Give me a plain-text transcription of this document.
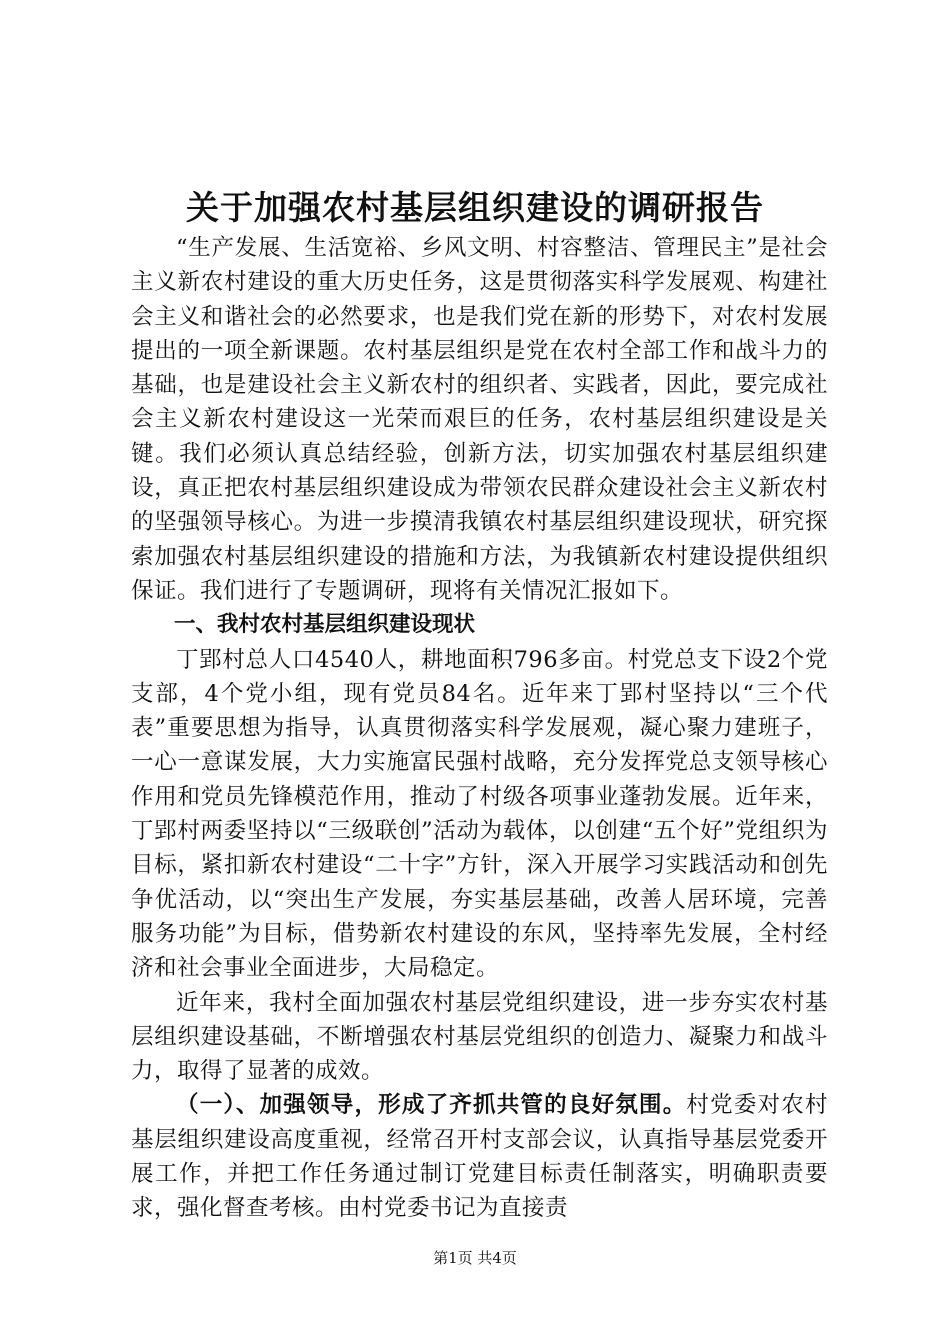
关于加强农村基层组织建设的调研报告

“生产发展、生活宽裕、乡风文明、村容整洁、管理民主”是社会主义新农村建设的重大历史任务，这是贯彻落实科学发展观、构建社会主义和谐社会的必然要求，也是我们党在新的形势下，对农村发展提出的一项全新课题。农村基层组织是党在农村全部工作和战斗力的基础，也是建设社会主义新农村的组织者、实践者，因此，要完成社会主义新农村建设这一光荣而艰巨的任务，农村基层组织建设是关键。我们必须认真总结经验，创新方法，切实加强农村基层组织建设，真正把农村基层组织建设成为带领农民群众建设社会主义新农村的坚强领导核心。为进一步摸清我镇农村基层组织建设现状，研究探索加强农村基层组织建设的措施和方法，为我镇新农村建设提供组织保证。我们进行了专题调研，现将有关情况汇报如下。

一、我村农村基层组织建设现状

丁郢村总人口4540人，耕地面积796多亩。村党总支下设2个党支部，4个党小组，现有党员84名。近年来丁郢村坚持以“三个代表”重要思想为指导，认真贯彻落实科学发展观，凝心聚力建班子，一心一意谋发展，大力实施富民强村战略，充分发挥党总支领导核心作用和党员先锋模范作用，推动了村级各项事业蓬勃发展。近年来，丁郢村两委坚持以“三级联创”活动为载体，以创建“五个好”党组织为目标，紧扣新农村建设“二十字”方针，深入开展学习实践活动和创先争优活动，以“突出生产发展，夯实基层基础，改善人居环境，完善服务功能”为目标，借势新农村建设的东风，坚持率先发展，全村经济和社会事业全面进步，大局稳定。

近年来，我村全面加强农村基层党组织建设，进一步夯实农村基层组织建设基础，不断增强农村基层党组织的创造力、凝聚力和战斗力，取得了显著的成效。

（一）、加强领导，形成了齐抓共管的良好氛围。村党委对农村基层组织建设高度重视，经常召开村支部会议，认真指导基层党委开展工作，并把工作任务通过制订党建目标责任制落实，明确职责要求，强化督查考核。由村党委书记为直接责

第1页 共4页
